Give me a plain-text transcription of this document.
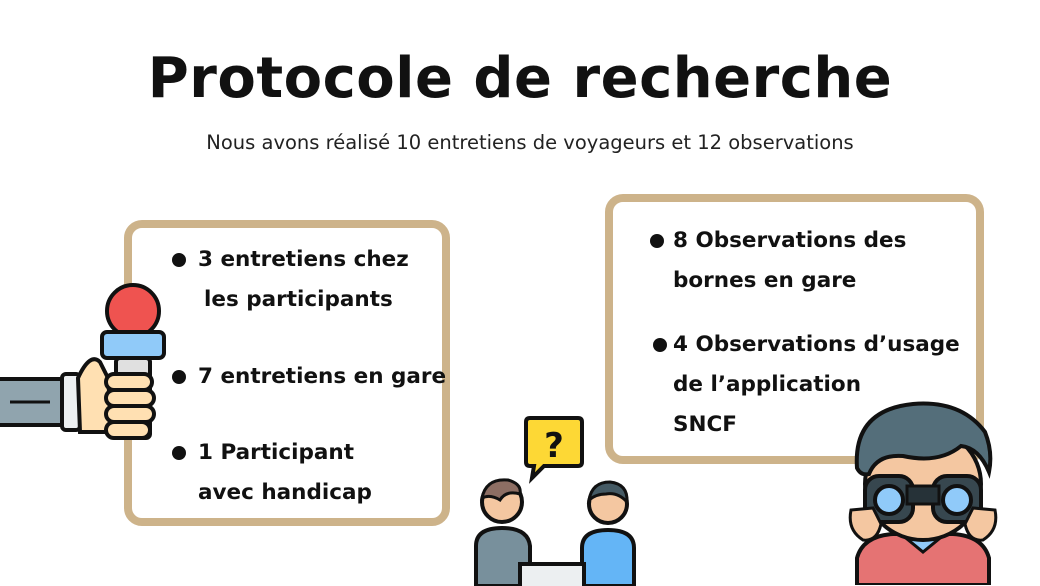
Protocole de recherche
Nous avons réalisé 10 entretiens de voyageurs et 12 observations
3 entretiens chez
les participants
7 entretiens en gare
1 Participant
avec handicap
8 Observations des
bornes en gare
4 Observations d’usage
de l’application
SNCF
?
